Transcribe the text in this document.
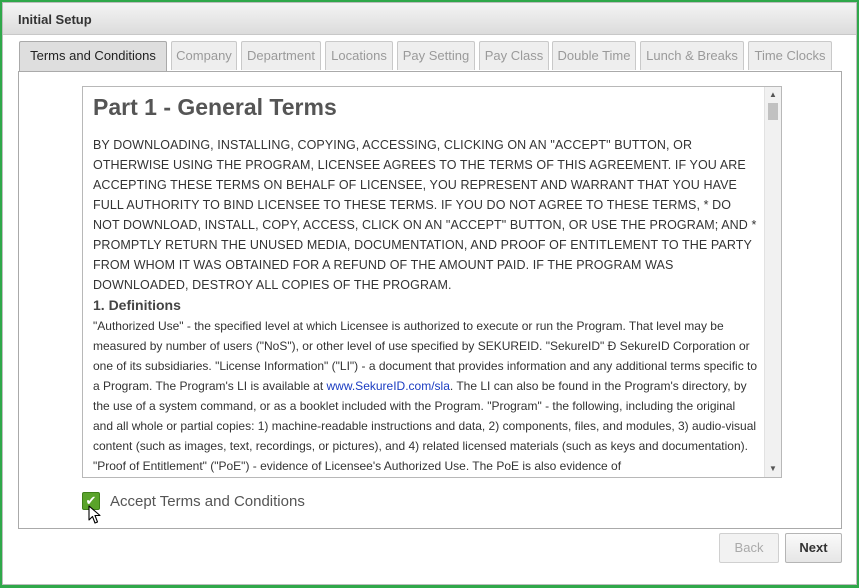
Initial Setup
Terms and Conditions	Company	Department	Locations	Pay Setting	Pay Class	Double Time	Lunch & Breaks	Time Clocks
Part 1 - General Terms
BY DOWNLOADING, INSTALLING, COPYING, ACCESSING, CLICKING ON AN "ACCEPT" BUTTON, OR OTHERWISE USING THE PROGRAM, LICENSEE AGREES TO THE TERMS OF THIS AGREEMENT. IF YOU ARE ACCEPTING THESE TERMS ON BEHALF OF LICENSEE, YOU REPRESENT AND WARRANT THAT YOU HAVE FULL AUTHORITY TO BIND LICENSEE TO THESE TERMS. IF YOU DO NOT AGREE TO THESE TERMS, * DO NOT DOWNLOAD, INSTALL, COPY, ACCESS, CLICK ON AN "ACCEPT" BUTTON, OR USE THE PROGRAM; AND * PROMPTLY RETURN THE UNUSED MEDIA, DOCUMENTATION, AND PROOF OF ENTITLEMENT TO THE PARTY FROM WHOM IT WAS OBTAINED FOR A REFUND OF THE AMOUNT PAID. IF THE PROGRAM WAS DOWNLOADED, DESTROY ALL COPIES OF THE PROGRAM.
1. Definitions
"Authorized Use" - the specified level at which Licensee is authorized to execute or run the Program. That level may be measured by number of users ("NoS"), or other level of use specified by SEKUREID. "SekureID" Đ SekureID Corporation or one of its subsidiaries. "License Information" ("LI") - a document that provides information and any additional terms specific to a Program. The Program's LI is available at www.SekureID.com/sla. The LI can also be found in the Program's directory, by the use of a system command, or as a booklet included with the Program. "Program" - the following, including the original and all whole or partial copies: 1) machine-readable instructions and data, 2) components, files, and modules, 3) audio-visual content (such as images, text, recordings, or pictures), and 4) related licensed materials (such as keys and documentation). "Proof of Entitlement" ("PoE") - evidence of Licensee's Authorized Use. The PoE is also evidence of
▲
▼
✔ Accept Terms and Conditions
Back	Next
